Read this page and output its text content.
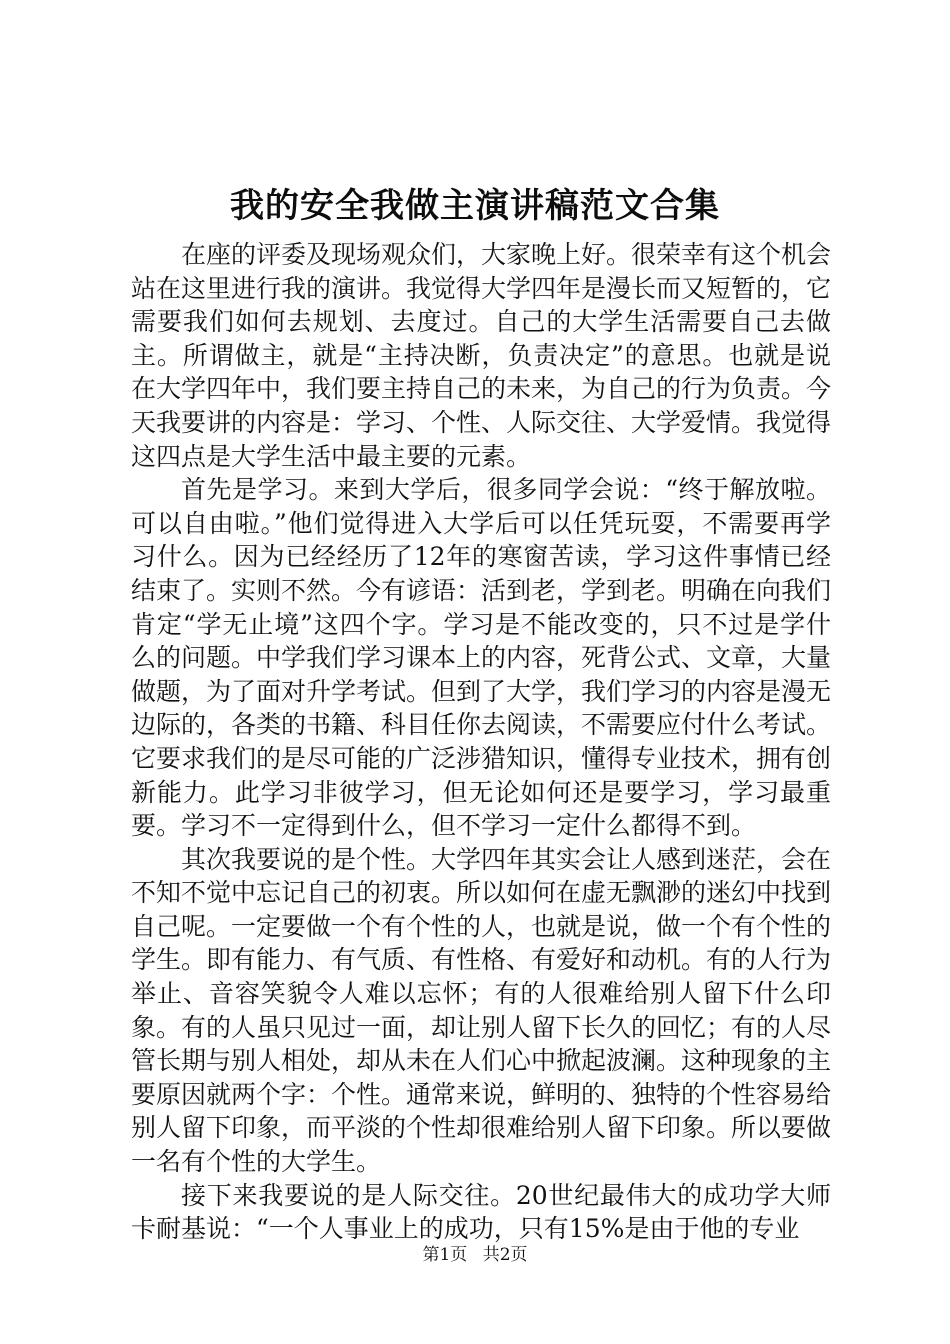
我的安全我做主演讲稿范文合集

在座的评委及现场观众们，大家晚上好。很荣幸有这个机会站在这里进行我的演讲。我觉得大学四年是漫长而又短暂的，它需要我们如何去规划、去度过。自己的大学生活需要自己去做主。所谓做主，就是“主持决断，负责决定”的意思。也就是说在大学四年中，我们要主持自己的未来，为自己的行为负责。今天我要讲的内容是：学习、个性、人际交往、大学爱情。我觉得这四点是大学生活中最主要的元素。

首先是学习。来到大学后，很多同学会说：“终于解放啦。可以自由啦。”他们觉得进入大学后可以任凭玩耍，不需要再学习什么。因为已经经历了12年的寒窗苦读，学习这件事情已经结束了。实则不然。今有谚语：活到老，学到老。明确在向我们肯定“学无止境”这四个字。学习是不能改变的，只不过是学什么的问题。中学我们学习课本上的内容，死背公式、文章，大量做题，为了面对升学考试。但到了大学，我们学习的内容是漫无边际的，各类的书籍、科目任你去阅读，不需要应付什么考试。它要求我们的是尽可能的广泛涉猎知识，懂得专业技术，拥有创新能力。此学习非彼学习，但无论如何还是要学习，学习最重要。学习不一定得到什么，但不学习一定什么都得不到。

其次我要说的是个性。大学四年其实会让人感到迷茫，会在不知不觉中忘记自己的初衷。所以如何在虚无飘渺的迷幻中找到自己呢。一定要做一个有个性的人，也就是说，做一个有个性的学生。即有能力、有气质、有性格、有爱好和动机。有的人行为举止、音容笑貌令人难以忘怀；有的人很难给别人留下什么印象。有的人虽只见过一面，却让别人留下长久的回忆；有的人尽管长期与别人相处，却从未在人们心中掀起波澜。这种现象的主要原因就两个字：个性。通常来说，鲜明的、独特的个性容易给别人留下印象，而平淡的个性却很难给别人留下印象。所以要做一名有个性的大学生。

接下来我要说的是人际交往。20世纪最伟大的成功学大师卡耐基说：“一个人事业上的成功，只有15%是由于他的专业

第1页 共2页
